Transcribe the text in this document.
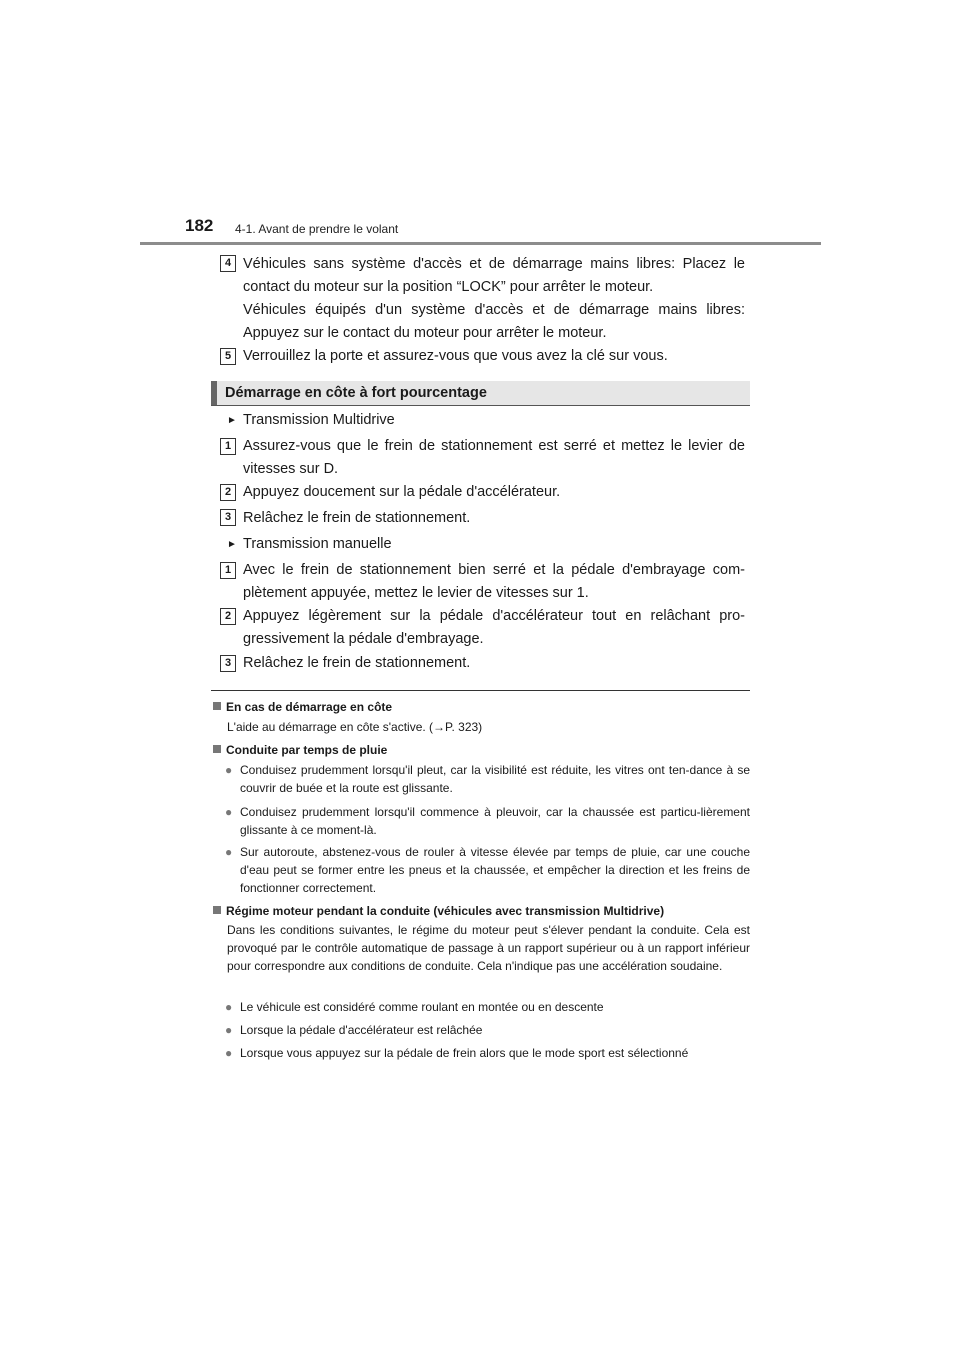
182 4-1. Avant de prendre le volant
4 Véhicules sans système d'accès et de démarrage mains libres: Placez le contact du moteur sur la position “LOCK” pour arrêter le moteur.
Véhicules équipés d'un système d'accès et de démarrage mains libres: Appuyez sur le contact du moteur pour arrêter le moteur.
5 Verrouillez la porte et assurez-vous que vous avez la clé sur vous.
Démarrage en côte à fort pourcentage
► Transmission Multidrive
1 Assurez-vous que le frein de stationnement est serré et mettez le levier de vitesses sur D.
2 Appuyez doucement sur la pédale d'accélérateur.
3 Relâchez le frein de stationnement.
► Transmission manuelle
1 Avec le frein de stationnement bien serré et la pédale d'embrayage com-plètement appuyée, mettez le levier de vitesses sur 1.
2 Appuyez légèrement sur la pédale d'accélérateur tout en relâchant pro-gressivement la pédale d'embrayage.
3 Relâchez le frein de stationnement.
En cas de démarrage en côte
L'aide au démarrage en côte s'active. (→P. 323)
Conduite par temps de pluie
● Conduisez prudemment lorsqu'il pleut, car la visibilité est réduite, les vitres ont ten-dance à se couvrir de buée et la route est glissante.
● Conduisez prudemment lorsqu'il commence à pleuvoir, car la chaussée est particu-lièrement glissante à ce moment-là.
● Sur autoroute, abstenez-vous de rouler à vitesse élevée par temps de pluie, car une couche d'eau peut se former entre les pneus et la chaussée, et empêcher la direction et les freins de fonctionner correctement.
Régime moteur pendant la conduite (véhicules avec transmission Multidrive)
Dans les conditions suivantes, le régime du moteur peut s'élever pendant la conduite. Cela est provoqué par le contrôle automatique de passage à un rapport supérieur ou à un rapport inférieur pour correspondre aux conditions de conduite. Cela n'indique pas une accélération soudaine.
● Le véhicule est considéré comme roulant en montée ou en descente
● Lorsque la pédale d'accélérateur est relâchée
● Lorsque vous appuyez sur la pédale de frein alors que le mode sport est sélectionné
